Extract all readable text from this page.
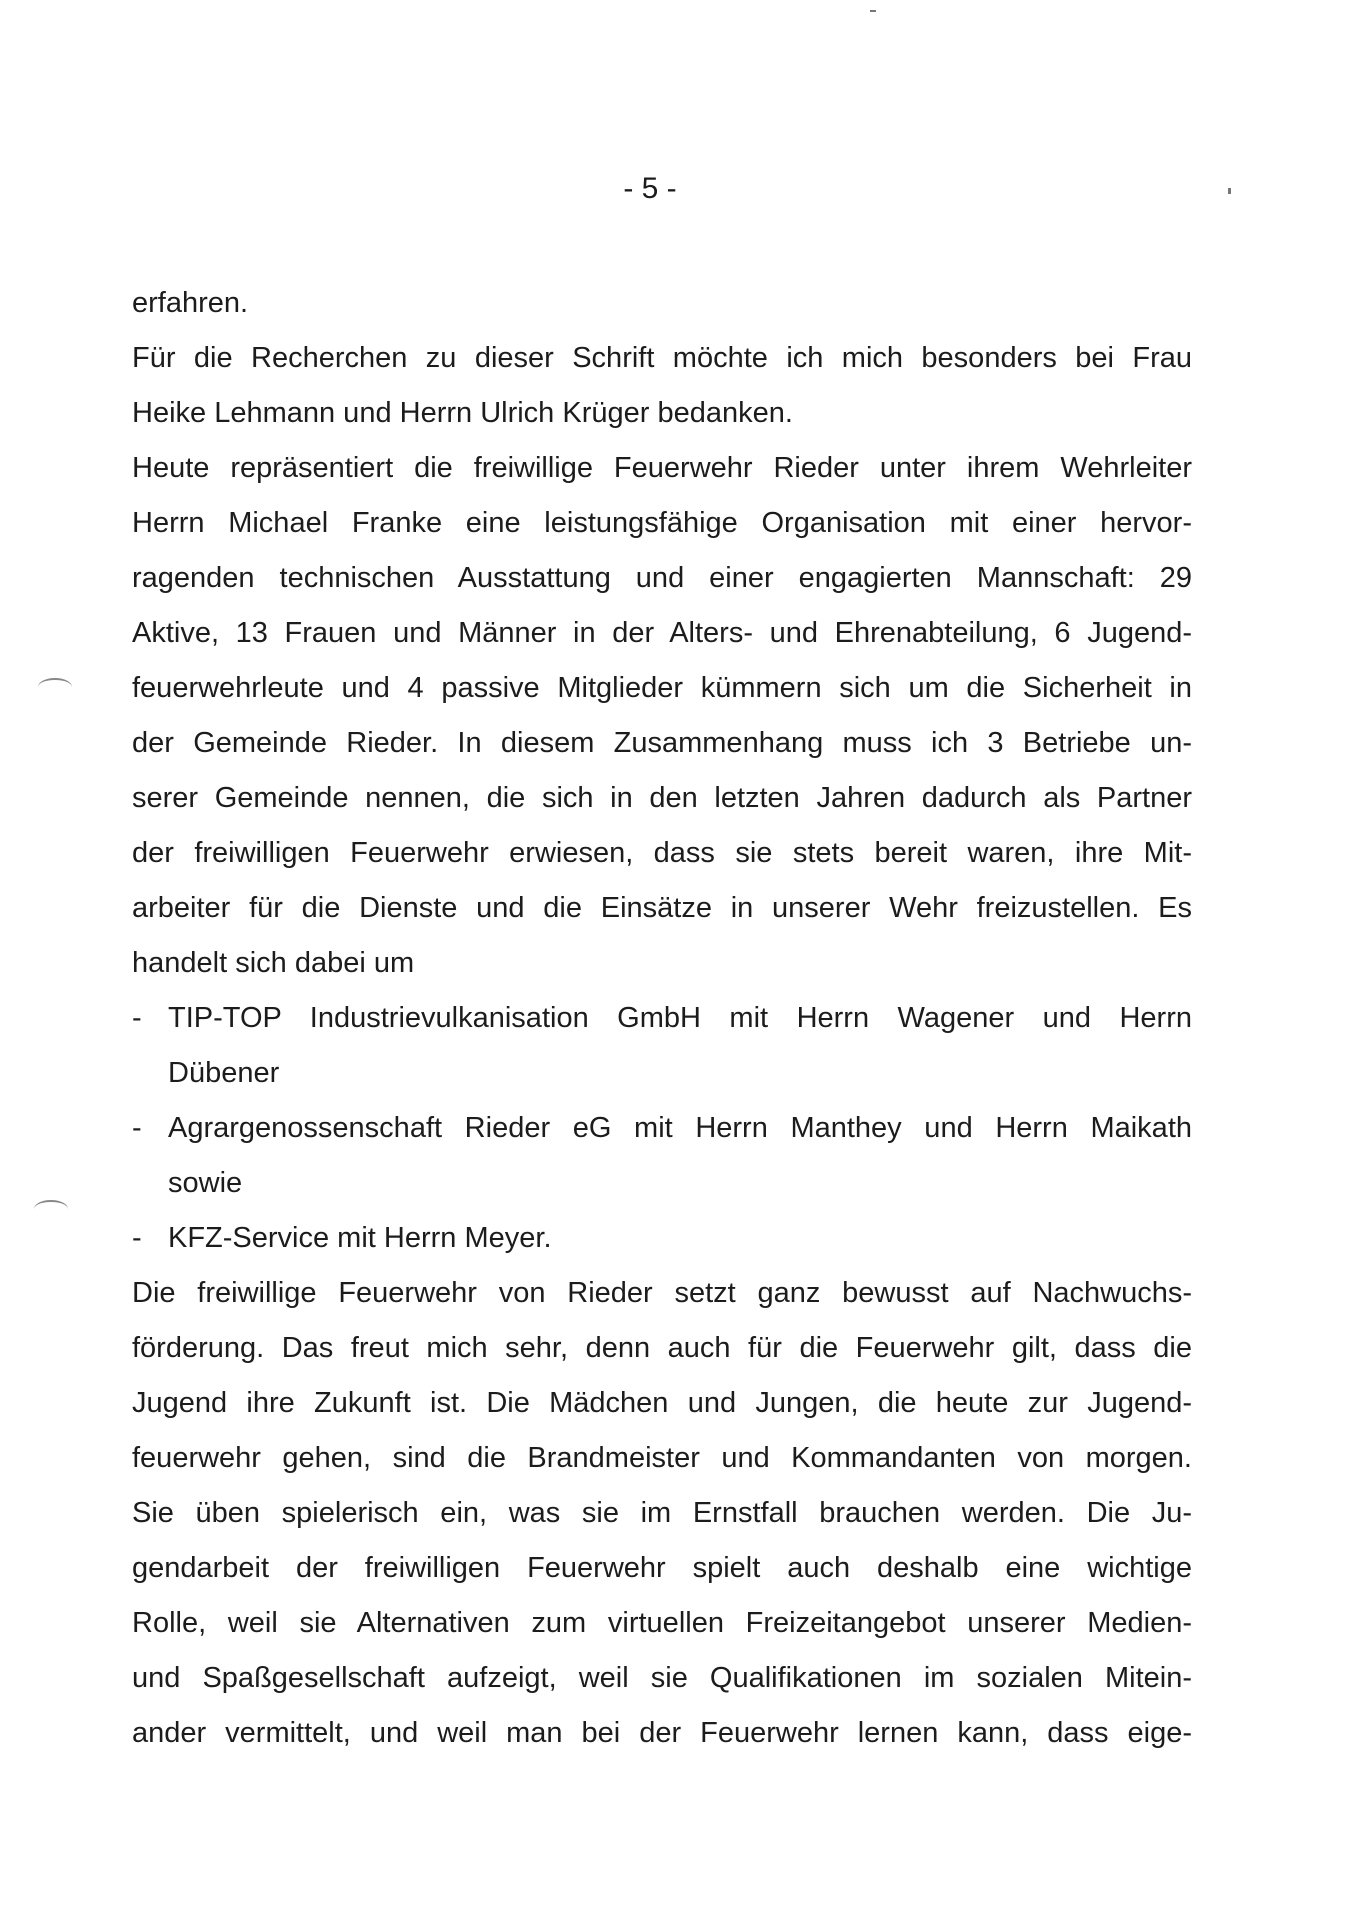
- 5 -
erfahren.
Für die Recherchen zu dieser Schrift möchte ich mich besonders bei Frau
Heike Lehmann und Herrn Ulrich Krüger bedanken.
Heute repräsentiert die freiwillige Feuerwehr Rieder unter ihrem Wehrleiter
Herrn Michael Franke eine leistungsfähige Organisation mit einer hervor-
ragenden technischen Ausstattung und einer engagierten Mannschaft: 29
Aktive, 13 Frauen und Männer in der Alters- und Ehrenabteilung, 6 Jugend-
feuerwehrleute und 4 passive Mitglieder kümmern sich um die Sicherheit in
der Gemeinde Rieder. In diesem Zusammenhang muss ich 3 Betriebe un-
serer Gemeinde nennen, die sich in den letzten Jahren dadurch als Partner
der freiwilligen Feuerwehr erwiesen, dass sie stets bereit waren, ihre Mit-
arbeiter für die Dienste und die Einsätze in unserer Wehr freizustellen. Es
handelt sich dabei um
- TIP-TOP Industrievulkanisation GmbH mit Herrn Wagener und Herrn
Dübener
- Agrargenossenschaft Rieder eG mit Herrn Manthey und Herrn Maikath
sowie
- KFZ-Service mit Herrn Meyer.
Die freiwillige Feuerwehr von Rieder setzt ganz bewusst auf Nachwuchs-
förderung. Das freut mich sehr, denn auch für die Feuerwehr gilt, dass die
Jugend ihre Zukunft ist. Die Mädchen und Jungen, die heute zur Jugend-
feuerwehr gehen, sind die Brandmeister und Kommandanten von morgen.
Sie üben spielerisch ein, was sie im Ernstfall brauchen werden. Die Ju-
gendarbeit der freiwilligen Feuerwehr spielt auch deshalb eine wichtige
Rolle, weil sie Alternativen zum virtuellen Freizeitangebot unserer Medien-
und Spaßgesellschaft aufzeigt, weil sie Qualifikationen im sozialen Mitein-
ander vermittelt, und weil man bei der Feuerwehr lernen kann, dass eige-
